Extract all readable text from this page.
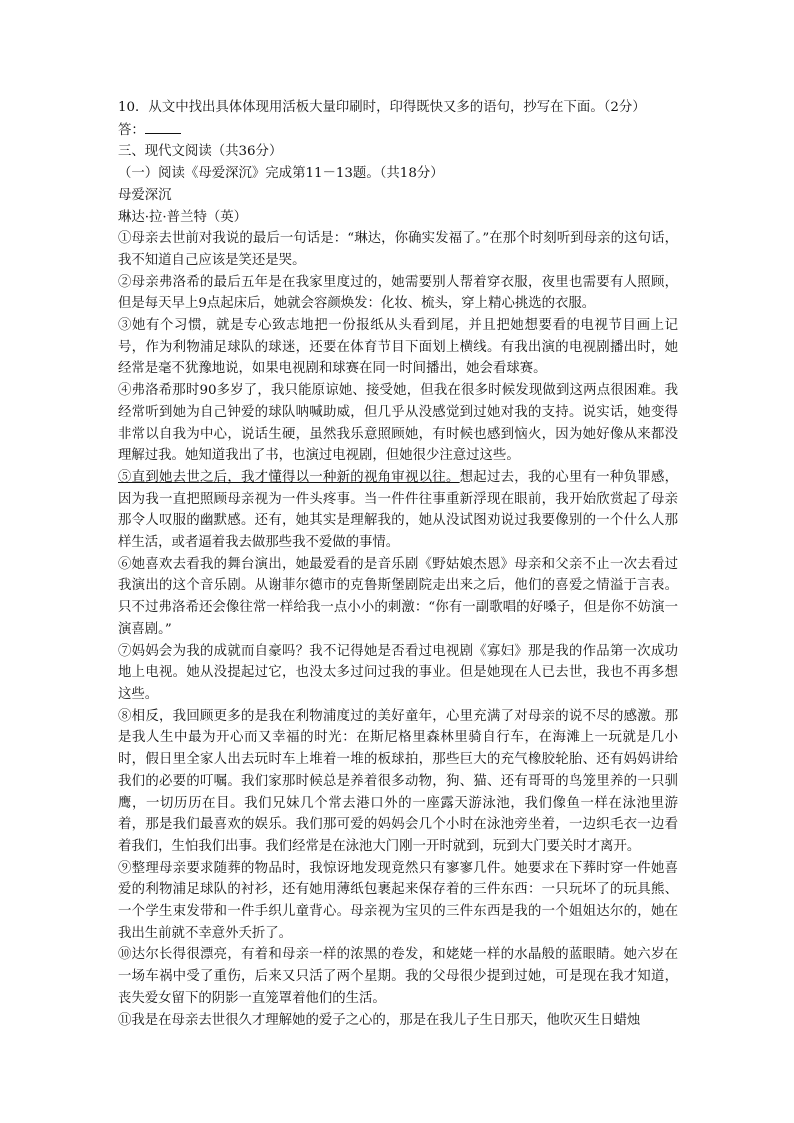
10．从文中找出具体体现用活板大量印刷时，印得既快又多的语句，抄写在下面。（2分）

答：

三、现代文阅读（共36分）

（一）阅读《母爱深沉》完成第11－13题。（共18分）

母爱深沉

琳达·拉·普兰特（英）

①母亲去世前对我说的最后一句话是：“琳达，你确实发福了。”在那个时刻听到母亲的这句话，我不知道自己应该是笑还是哭。

②母亲弗洛希的最后五年是在我家里度过的，她需要别人帮着穿衣服，夜里也需要有人照顾，但是每天早上9点起床后，她就会容颜焕发：化妆、梳头，穿上精心挑选的衣服。

③她有个习惯，就是专心致志地把一份报纸从头看到尾，并且把她想要看的电视节目画上记号，作为利物浦足球队的球迷，还要在体育节目下面划上横线。有我出演的电视剧播出时，她经常是毫不犹豫地说，如果电视剧和球赛在同一时间播出，她会看球赛。

④弗洛希那时90多岁了，我只能原谅她、接受她，但我在很多时候发现做到这两点很困难。我经常听到她为自己钟爱的球队呐喊助威，但几乎从没感觉到过她对我的支持。说实话，她变得非常以自我为中心，说话生硬，虽然我乐意照顾她，有时候也感到恼火，因为她好像从来都没理解过我。她知道我出了书，也演过电视剧，但她很少注意过这些。

⑤直到她去世之后，我才懂得以一种新的视角审视以往。想起过去，我的心里有一种负罪感，因为我一直把照顾母亲视为一件头疼事。当一件件往事重新浮现在眼前，我开始欣赏起了母亲那令人叹服的幽默感。还有，她其实是理解我的，她从没试图劝说过我要像别的一个什么人那样生活，或者逼着我去做那些我不爱做的事情。

⑥她喜欢去看我的舞台演出，她最爱看的是音乐剧《野姑娘杰恩》母亲和父亲不止一次去看过我演出的这个音乐剧。从谢菲尔德市的克鲁斯堡剧院走出来之后，他们的喜爱之情溢于言表。只不过弗洛希还会像往常一样给我一点小小的刺激：“你有一副歌唱的好嗓子，但是你不妨演一演喜剧。”

⑦妈妈会为我的成就而自豪吗？我不记得她是否看过电视剧《寡妇》那是我的作品第一次成功地上电视。她从没提起过它，也没太多过问过我的事业。但是她现在人已去世，我也不再多想这些。

⑧相反，我回顾更多的是我在利物浦度过的美好童年，心里充满了对母亲的说不尽的感激。那是我人生中最为开心而又幸福的时光：在斯尼格里森林里骑自行车，在海滩上一玩就是几小时，假日里全家人出去玩时车上堆着一堆的板球拍，那些巨大的充气橡胶轮胎、还有妈妈讲给我们的必要的叮嘱。我们家那时候总是养着很多动物，狗、猫、还有哥哥的鸟笼里养的一只驯鹰，一切历历在目。我们兄妹几个常去港口外的一座露天游泳池，我们像鱼一样在泳池里游着，那是我们最喜欢的娱乐。我们那可爱的妈妈会几个小时在泳池旁坐着，一边织毛衣一边看着我们，生怕我们出事。我们经常是在泳池大门刚一开时就到，玩到大门要关时才离开。

⑨整理母亲要求随葬的物品时，我惊讶地发现竟然只有寥寥几件。她要求在下葬时穿一件她喜爱的利物浦足球队的衬衫，还有她用薄纸包裹起来保存着的三件东西：一只玩坏了的玩具熊、一个学生束发带和一件手织儿童背心。母亲视为宝贝的三件东西是我的一个姐姐达尔的，她在我出生前就不幸意外夭折了。

⑩达尔长得很漂亮，有着和母亲一样的浓黑的卷发，和姥姥一样的水晶般的蓝眼睛。她六岁在一场车祸中受了重伤，后来又只活了两个星期。我的父母很少提到过她，可是现在我才知道，丧失爱女留下的阴影一直笼罩着他们的生活。

⑪我是在母亲去世很久才理解她的爱子之心的，那是在我儿子生日那天，他吹灭生日蜡烛
